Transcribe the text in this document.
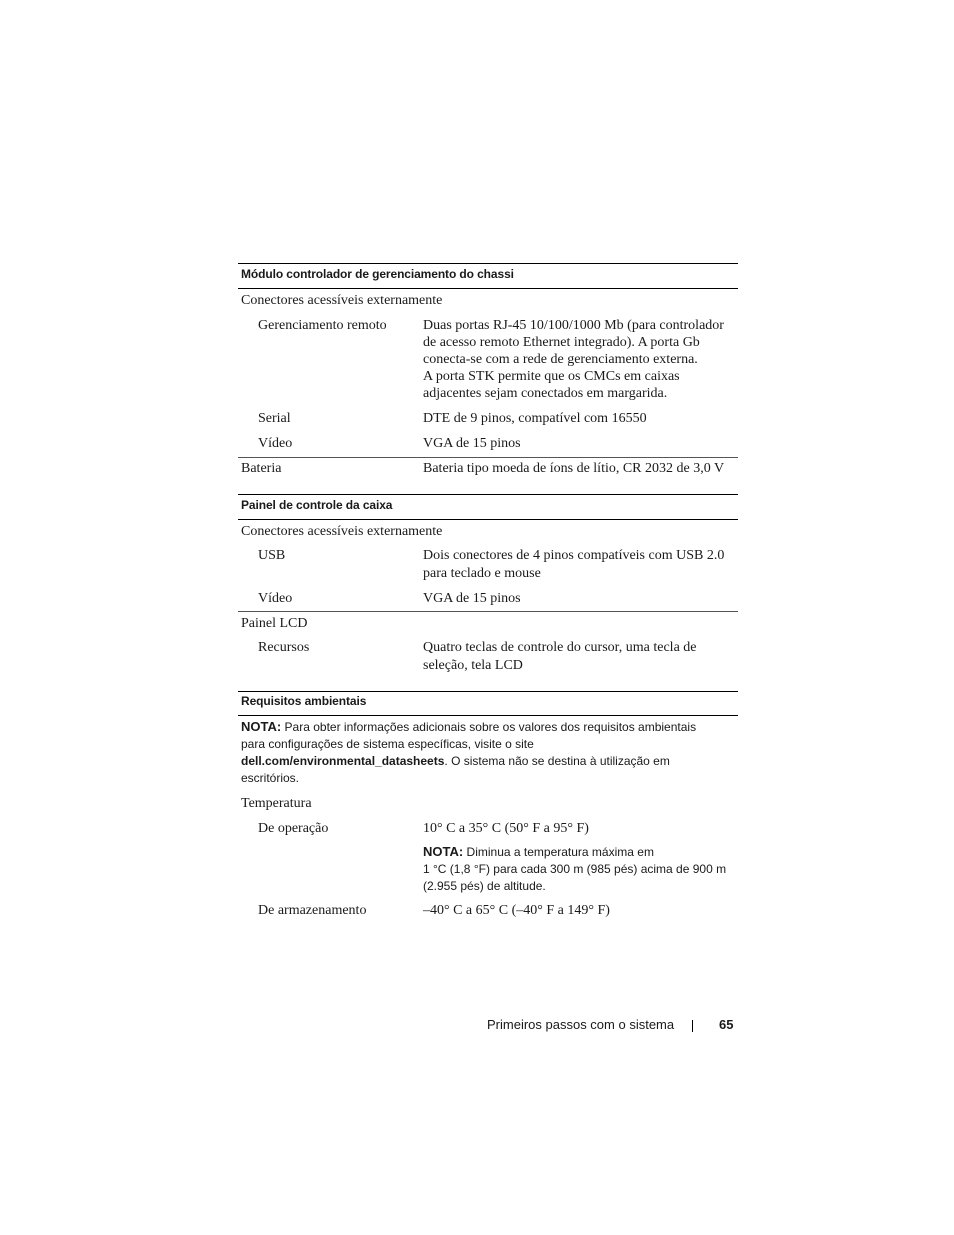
Módulo controlador de gerenciamento do chassi
Conectores acessíveis externamente
Gerenciamento remoto	Duas portas RJ-45 10/100/1000 Mb (para controlador
de acesso remoto Ethernet integrado). A porta Gb
conecta-se com a rede de gerenciamento externa.
A porta STK permite que os CMCs em caixas
adjacentes sejam conectados em margarida.
Serial	DTE de 9 pinos, compatível com 16550
Vídeo	VGA de 15 pinos
Bateria	Bateria tipo moeda de íons de lítio, CR 2032 de 3,0 V
Painel de controle da caixa
Conectores acessíveis externamente
USB	Dois conectores de 4 pinos compatíveis com USB 2.0
para teclado e mouse
Vídeo	VGA de 15 pinos
Painel LCD
Recursos	Quatro teclas de controle do cursor, uma tecla de
seleção, tela LCD
Requisitos ambientais
NOTA: Para obter informações adicionais sobre os valores dos requisitos ambientais
para configurações de sistema específicas, visite o site
dell.com/environmental_datasheets. O sistema não se destina à utilização em
escritórios.
Temperatura
De operação	10° C a 35° C (50° F a 95° F)
NOTA: Diminua a temperatura máxima em
1 °C (1,8 °F) para cada 300 m (985 pés) acima de 900 m
(2.955 pés) de altitude.
De armazenamento	–40° C a 65° C (–40° F a 149° F)
Primeiros passos com o sistema	65
